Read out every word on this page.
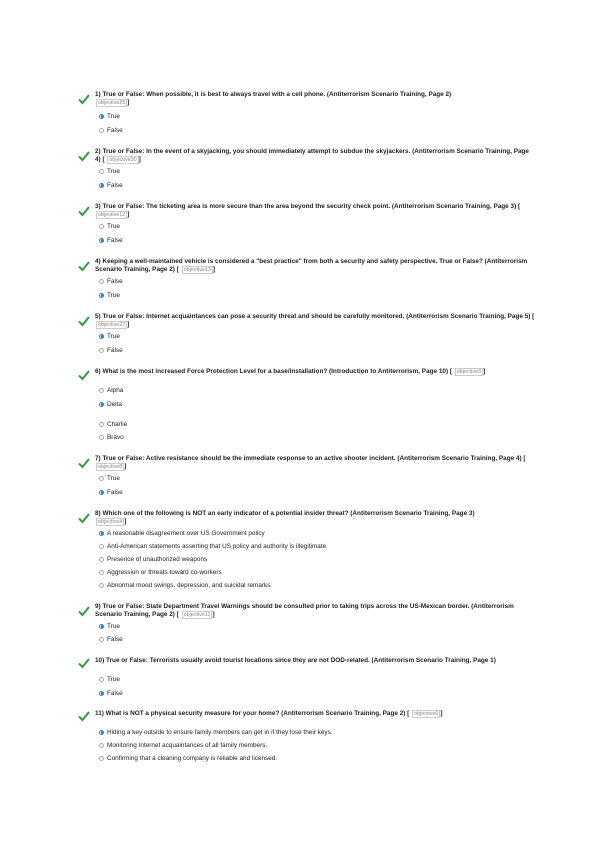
1) True or False: When possible, it is best to always travel with a cell phone. (Antiterrorism Scenario Training, Page 2)
objective25 ]
True
False
2) True or False: In the event of a skyjacking, you should immediately attempt to subdue the skyjackers. (Antiterrorism Scenario Training, Page 4) [ objective30 ]
True
False
3) True or False: The ticketing area is more secure than the area beyond the security check point. (Antiterrorism Scenario Training, Page 3) [ objective12 ]
True
False
4) Keeping a well-maintained vehicle is considered a "best practice" from both a security and safety perspective. True or False? (Antiterrorism Scenario Training, Page 2) [ objective13 ]
False
True
5) True or False: Internet acquaintances can pose a security threat and should be carefully monitored. (Antiterrorism Scenario Training, Page 5) [ objective22 ]
True
False
6) What is the most increased Force Protection Level for a base/installation? (Introduction to Antiterrorism, Page 10) [ objective3 ]
Alpha
Delta
Charlie
Bravo
7) True or False: Active resistance should be the immediate response to an active shooter incident. (Antiterrorism Scenario Training, Page 4) [ objective8 ]
True
False
8) Which one of the following is NOT an early indicator of a potential insider threat? (Antiterrorism Scenario Training, Page 3)
objective4 ]
A reasonable disagreement over US Government policy
Anti-American statements asserting that US policy and authority is illegitimate
Presence of unauthorized weapons
Aggression or threats toward co-workers
Abnormal mood swings, depression, and suicidal remarks
9) True or False: State Department Travel Warnings should be consulted prior to taking trips across the US-Mexican border. (Antiterrorism Scenario Training, Page 2) [ objective11 ]
True
False
10) True or False: Terrorists usually avoid tourist locations since they are not DOD-related. (Antiterrorism Scenario Training, Page 1)
True
False
11) What is NOT a physical security measure for your home? (Antiterrorism Scenario Training, Page 2) [ objective6 ]
Hiding a key outside to ensure family members can get in if they lose their keys.
Monitoring Internet acquaintances of all family members.
Confirming that a cleaning company is reliable and licensed.
